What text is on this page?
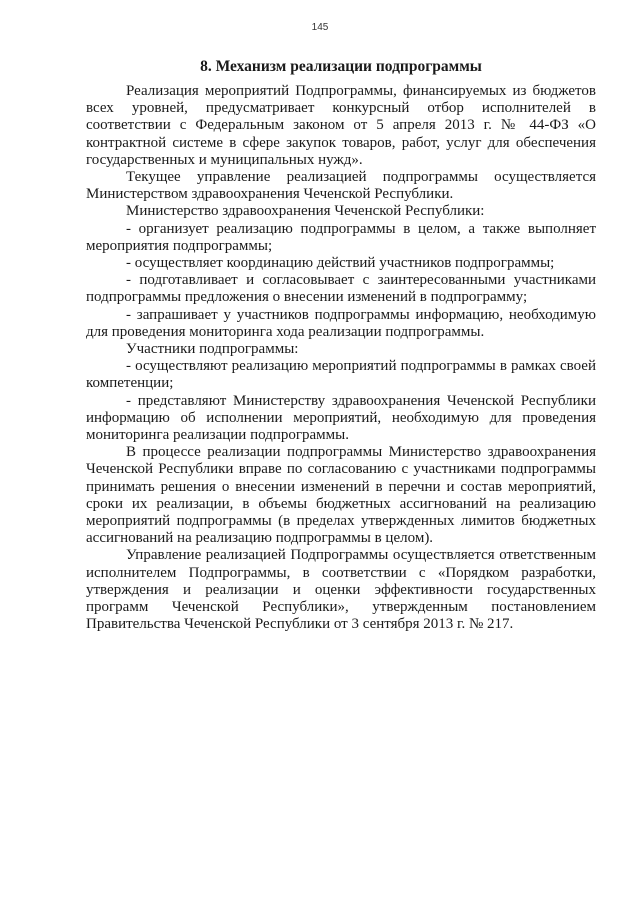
145
8. Механизм реализации подпрограммы

Реализация мероприятий Подпрограммы, финансируемых из бюджетов всех уровней, предусматривает конкурсный отбор исполнителей в соответствии с Федеральным законом от 5 апреля 2013 г. № 44-ФЗ «О контрактной системе в сфере закупок товаров, работ, услуг для обеспечения государственных и муниципальных нужд».

Текущее управление реализацией подпрограммы осуществляется Министерством здравоохранения Чеченской Республики.

Министерство здравоохранения Чеченской Республики:

- организует реализацию подпрограммы в целом, а также выполняет мероприятия подпрограммы;

- осуществляет координацию действий участников подпрограммы;

- подготавливает и согласовывает с заинтересованными участниками подпрограммы предложения о внесении изменений в подпрограмму;

- запрашивает у участников подпрограммы информацию, необходимую для проведения мониторинга хода реализации подпрограммы.

Участники подпрограммы:

- осуществляют реализацию мероприятий подпрограммы в рамках своей компетенции;

- представляют Министерству здравоохранения Чеченской Республики информацию об исполнении мероприятий, необходимую для проведения мониторинга реализации подпрограммы.

В процессе реализации подпрограммы Министерство здравоохранения Чеченской Республики вправе по согласованию с участниками подпрограммы принимать решения о внесении изменений в перечни и состав мероприятий, сроки их реализации, в объемы бюджетных ассигнований на реализацию мероприятий подпрограммы (в пределах утвержденных лимитов бюджетных ассигнований на реализацию подпрограммы в целом).

Управление реализацией Подпрограммы осуществляется ответственным исполнителем Подпрограммы, в соответствии с «Порядком разработки, утверждения и реализации и оценки эффективности государственных программ Чеченской Республики», утвержденным постановлением Правительства Чеченской Республики от 3 сентября 2013 г. № 217.
